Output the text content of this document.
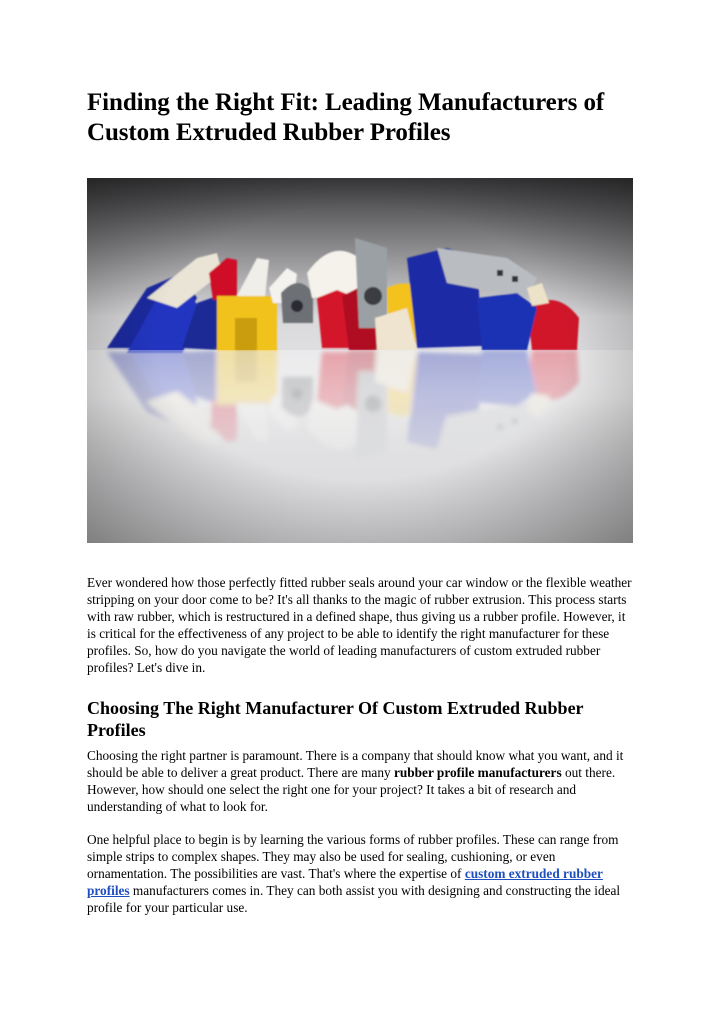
Finding the Right Fit: Leading Manufacturers of Custom Extruded Rubber Profiles

Ever wondered how those perfectly fitted rubber seals around your car window or the flexible weather stripping on your door come to be? It's all thanks to the magic of rubber extrusion. This process starts with raw rubber, which is restructured in a defined shape, thus giving us a rubber profile. However, it is critical for the effectiveness of any project to be able to identify the right manufacturer for these profiles. So, how do you navigate the world of leading manufacturers of custom extruded rubber profiles? Let's dive in.

Choosing The Right Manufacturer Of Custom Extruded Rubber Profiles

Choosing the right partner is paramount. There is a company that should know what you want, and it should be able to deliver a great product. There are many rubber profile manufacturers out there. However, how should one select the right one for your project? It takes a bit of research and understanding of what to look for.

One helpful place to begin is by learning the various forms of rubber profiles. These can range from simple strips to complex shapes. They may also be used for sealing, cushioning, or even ornamentation. The possibilities are vast. That's where the expertise of custom extruded rubber profiles manufacturers comes in. They can both assist you with designing and constructing the ideal profile for your particular use.
